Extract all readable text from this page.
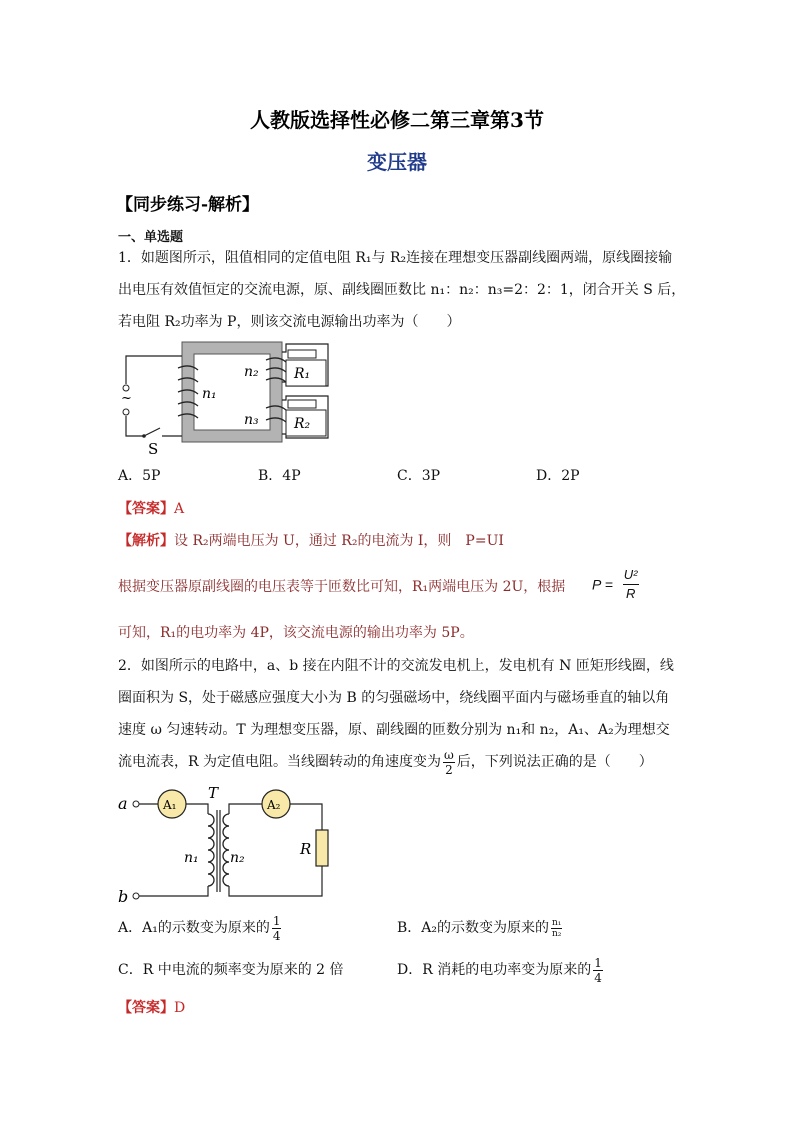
人教版选择性必修二第三章第3节
变压器
【同步练习-解析】
一、单选题
1．如题图所示，阻值相同的定值电阻 R₁与 R₂连接在理想变压器副线圈两端，原线圈接输
出电压有效值恒定的交流电源，原、副线圈匝数比 n₁：n₂：n₃=2：2：1，闭合开关 S 后，
若电阻 R₂功率为 P，则该交流电源输出功率为（　　）
~
S
n₁
n₂	R₁
n₃	R₂
A．5P	B．4P	C．3P	D．2P
【答案】A
【解析】设 R₂两端电压为 U，通过 R₂的电流为 I，则　P=UI
根据变压器原副线圈的电压表等于匝数比可知，R₁两端电压为 2U，根据 $P = \frac{\text{U²}}{R}$
可知，R₁的电功率为 4P，该交流电源的输出功率为 5P。
2．如图所示的电路中，a、b 接在内阻不计的交流发电机上，发电机有 N 匝矩形线圈，线
圈面积为 S，处于磁感应强度大小为 B 的匀强磁场中，绕线圈平面内与磁场垂直的轴以角
速度 ω 匀速转动。T 为理想变压器，原、副线圈的匝数分别为 n₁和 n₂，A₁、A₂为理想交
流电流表，R 为定值电阻。当线圈转动的角速度变为 $\frac{\omega}{2}$ 后，下列说法正确的是（　　）
a	A₁
T
b
n₁ n₂
A₂
R
A．A₁的示数变为原来的 $\frac{1}{4}$	B．A₂的示数变为原来的 $\frac{\text{n₁}}{\text{n₂}}$
C．R 中电流的频率变为原来的 2 倍	D．R 消耗的电功率变为原来的 $\frac{1}{4}$
【答案】D
